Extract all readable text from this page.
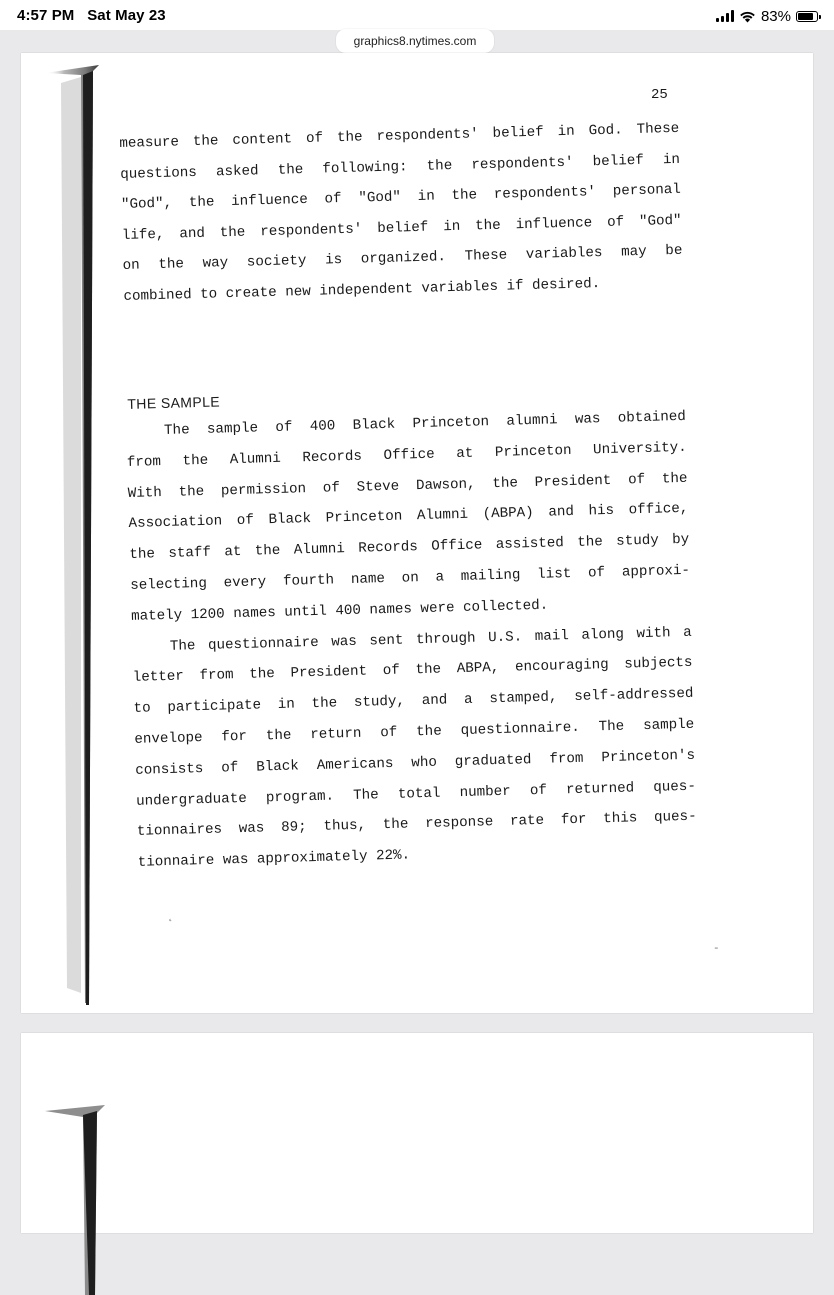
4:57 PM Sat May 23	83%
graphics8.nytimes.com
25
measure the content of the respondents' belief in God. These
questions asked the following: the respondents' belief in
"God", the influence of "God" in the respondents' personal
life, and the respondents' belief in the influence of "God"
on the way society is organized. These variables may be
combined to create new independent variables if desired.
THE SAMPLE
The sample of 400 Black Princeton alumni was obtained
from the Alumni Records Office at Princeton University.
With the permission of Steve Dawson, the President of the
Association of Black Princeton Alumni (ABPA) and his office,
the staff at the Alumni Records Office assisted the study by
selecting every fourth name on a mailing list of approxi-
mately 1200 names until 400 names were collected.
The questionnaire was sent through U.S. mail along with a
letter from the President of the ABPA, encouraging subjects
to participate in the study, and a stamped, self-addressed
envelope for the return of the questionnaire. The sample
consists of Black Americans who graduated from Princeton's
undergraduate program. The total number of returned ques-
tionnaires was 89; thus, the response rate for this ques-
tionnaire was approximately 22%.
˛
-
